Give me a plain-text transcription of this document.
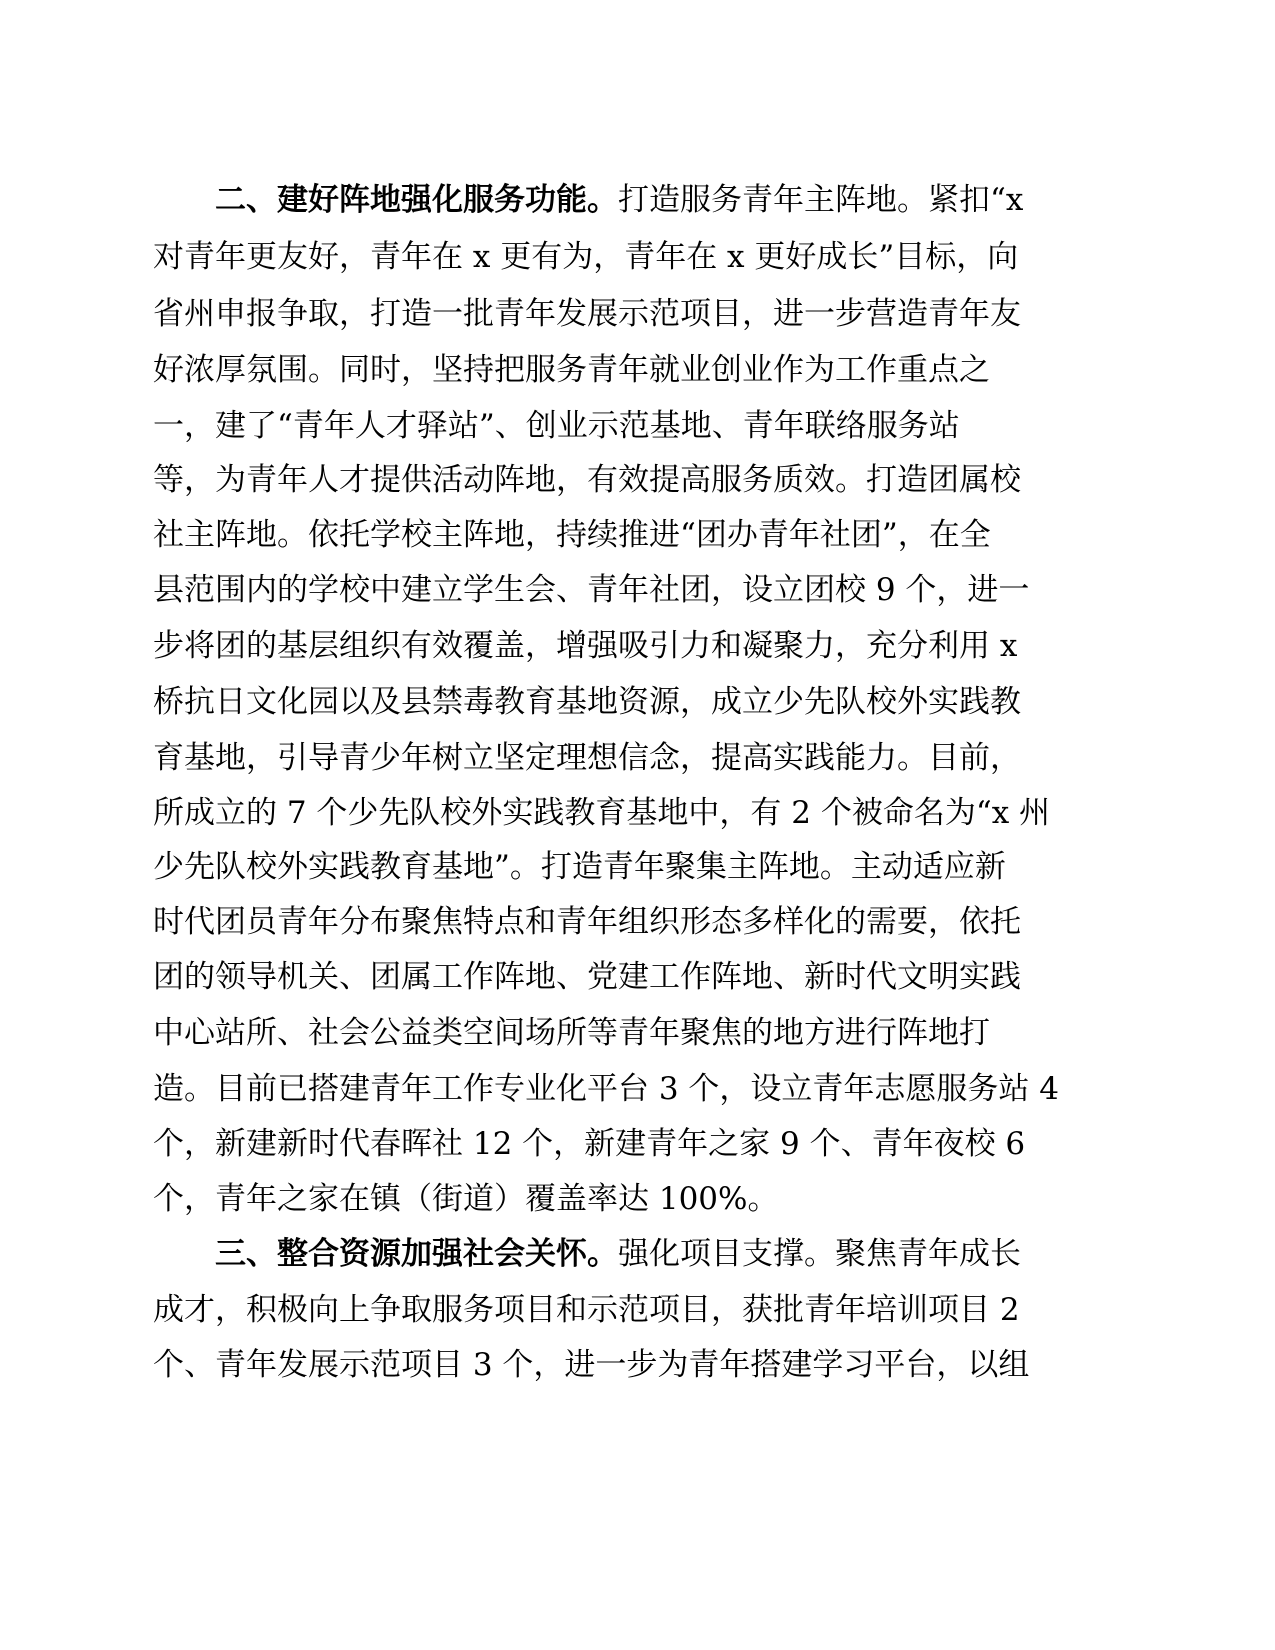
二、建好阵地强化服务功能。打造服务青年主阵地。紧扣“x
对青年更友好，青年在 x 更有为，青年在 x 更好成长”目标，向
省州申报争取，打造一批青年发展示范项目，进一步营造青年友
好浓厚氛围。同时，坚持把服务青年就业创业作为工作重点之
一，建了“青年人才驿站”、创业示范基地、青年联络服务站
等，为青年人才提供活动阵地，有效提高服务质效。打造团属校
社主阵地。依托学校主阵地，持续推进“团办青年社团”，在全
县范围内的学校中建立学生会、青年社团，设立团校 9 个，进一
步将团的基层组织有效覆盖，增强吸引力和凝聚力，充分利用 x
桥抗日文化园以及县禁毒教育基地资源，成立少先队校外实践教
育基地，引导青少年树立坚定理想信念，提高实践能力。目前，
所成立的 7 个少先队校外实践教育基地中，有 2 个被命名为“x 州
少先队校外实践教育基地”。打造青年聚集主阵地。主动适应新
时代团员青年分布聚焦特点和青年组织形态多样化的需要，依托
团的领导机关、团属工作阵地、党建工作阵地、新时代文明实践
中心站所、社会公益类空间场所等青年聚焦的地方进行阵地打
造。目前已搭建青年工作专业化平台 3 个，设立青年志愿服务站 4
个，新建新时代春晖社 12 个，新建青年之家 9 个、青年夜校 6
个，青年之家在镇（街道）覆盖率达 100%。
三、整合资源加强社会关怀。强化项目支撑。聚焦青年成长
成才，积极向上争取服务项目和示范项目，获批青年培训项目 2
个、青年发展示范项目 3 个，进一步为青年搭建学习平台，以组
